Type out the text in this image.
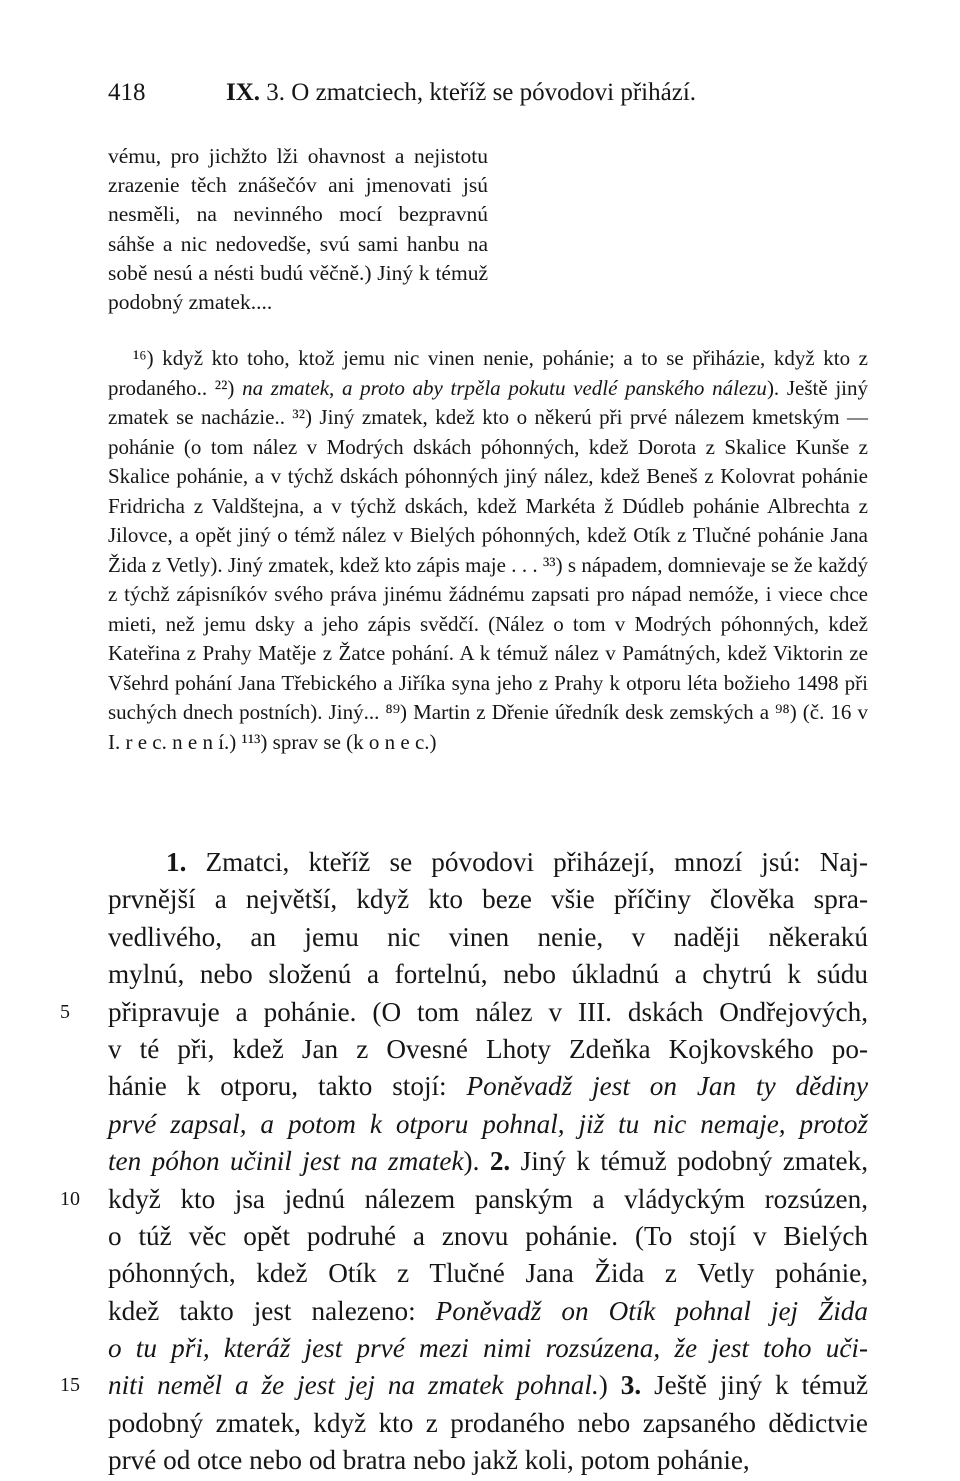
418	IX. 3. O zmatciech, kteříž se póvodovi přihází.

vému, pro jichžto lži ohavnost a nejistotu zrazenie těch znášečóv ani jmenovati jsú nesměli, na nevinného mocí bezpravnú sáhše a nic nedovedše, svú sami hanbu na sobě nesú a nésti budú věčně.) Jiný k témuž podobný zmatek....

¹⁶) když kto toho, ktož jemu nic vinen nenie, pohánie; a to se přiházie, když kto z prodaného.. ²²) na zmatek, a proto aby trpěla pokutu vedlé panského nálezu). Ještě jiný zmatek se nacházie.. ³²) Jiný zmatek, kdež kto o někerú při prvé nálezem kmetským — pohánie (o tom nález v Modrých dskách póhonných, kdež Dorota z Skalice Kunše z Skalice pohánie, a v týchž dskách póhonných jiný nález, kdež Beneš z Kolovrat pohánie Fridricha z Valdštejna, a v týchž dskách, kdež Markéta ž Dúdleb pohánie Albrechta z Jilovce, a opět jiný o témž nález v Bielých póhonných, kdež Otík z Tlučné pohánie Jana Žida z Vetly). Jiný zmatek, kdež kto zápis maje . . . ³³) s nápadem, domnievaje se že každý z týchž zápisníkóv svého práva jinému žádnému zapsati pro nápad nemóže, i viece chce mieti, než jemu dsky a jeho zápis svědčí. (Nález o tom v Modrých póhonných, kdež Kateřina z Prahy Matěje z Žatce pohání. A k témuž nález v Památných, kdež Viktorin ze Všehrd pohání Jana Třebického a Jiříka syna jeho z Prahy k otporu léta božieho 1498 při suchých dnech postních). Jiný... ⁸⁹) Martin z Dřenie úředník desk zemských a ⁹⁸) (č. 16 v I. r e c. n e n í.) ¹¹³) sprav se (k o n e c.)

1. Zmatci, kteříž se póvodovi přiházejí, mnozí jsú: Naj-
prvnější a největší, když kto beze všie příčiny člověka spra-
vedlivého, an jemu nic vinen nenie, v naději někerakú
mylnú, nebo složenú a fortelnú, nebo úkladnú a chytrú k súdu
5 připravuje a pohánie. (O tom nález v III. dskách Ondřejových,
v té při, kdež Jan z Ovesné Lhoty Zdeňka Kojkovského po-
hánie k otporu, takto stojí: Poněvadž jest on Jan ty dědiny
prvé zapsal, a potom k otporu pohnal, již tu nic nemaje, protož
ten póhon učinil jest na zmatek). 2. Jiný k témuž podobný zmatek,
10 když kto jsa jednú nálezem panským a vládyckým rozsúzen,
o túž věc opět podruhé a znovu pohánie. (To stojí v Bielých
póhonných, kdež Otík z Tlučné Jana Žida z Vetly pohánie,
kdež takto jest nalezeno: Poněvadž on Otík pohnal jej Žida
o tu při, kteráž jest prvé mezi nimi rozsúzena, že jest toho uči-
15 niti neměl a že jest jej na zmatek pohnal.) 3. Ještě jiný k témuž
podobný zmatek, když kto z prodaného nebo zapsaného dědictvie
prvé od otce nebo od bratra nebo jakž koli, potom pohánie,
